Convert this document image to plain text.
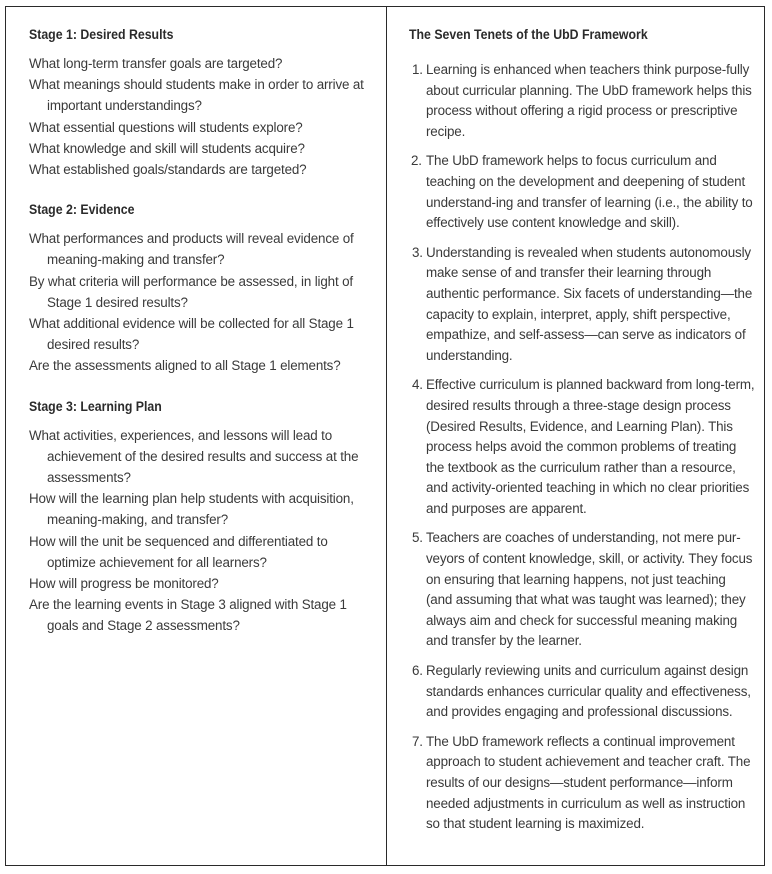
Stage 1: Desired Results
What long-term transfer goals are targeted?
What meanings should students make in order to arrive at important understandings?
What essential questions will students explore?
What knowledge and skill will students acquire?
What established goals/standards are targeted?
Stage 2: Evidence
What performances and products will reveal evidence of meaning-making and transfer?
By what criteria will performance be assessed, in light of Stage 1 desired results?
What additional evidence will be collected for all Stage 1 desired results?
Are the assessments aligned to all Stage 1 elements?
Stage 3: Learning Plan
What activities, experiences, and lessons will lead to achievement of the desired results and success at the assessments?
How will the learning plan help students with acquisition, meaning-making, and transfer?
How will the unit be sequenced and differentiated to optimize achievement for all learners?
How will progress be monitored?
Are the learning events in Stage 3 aligned with Stage 1 goals and Stage 2 assessments?
The Seven Tenets of the UbD Framework
1. Learning is enhanced when teachers think purpose-fully about curricular planning. The UbD framework helps this process without offering a rigid process or prescriptive recipe.
2. The UbD framework helps to focus curriculum and teaching on the development and deepening of student understand-ing and transfer of learning (i.e., the ability to effectively use content knowledge and skill).
3. Understanding is revealed when students autonomously make sense of and transfer their learning through authentic performance. Six facets of understanding—the capacity to explain, interpret, apply, shift perspective, empathize, and self-assess—can serve as indicators of understanding.
4. Effective curriculum is planned backward from long-term, desired results through a three-stage design process (Desired Results, Evidence, and Learning Plan). This process helps avoid the common problems of treating the textbook as the curriculum rather than a resource, and activity-oriented teaching in which no clear priorities and purposes are apparent.
5. Teachers are coaches of understanding, not mere pur-veyors of content knowledge, skill, or activity. They focus on ensuring that learning happens, not just teaching (and assuming that what was taught was learned); they always aim and check for successful meaning making and transfer by the learner.
6. Regularly reviewing units and curriculum against design standards enhances curricular quality and effectiveness, and provides engaging and professional discussions.
7. The UbD framework reflects a continual improvement approach to student achievement and teacher craft. The results of our designs—student performance—inform needed adjustments in curriculum as well as instruction so that student learning is maximized.
